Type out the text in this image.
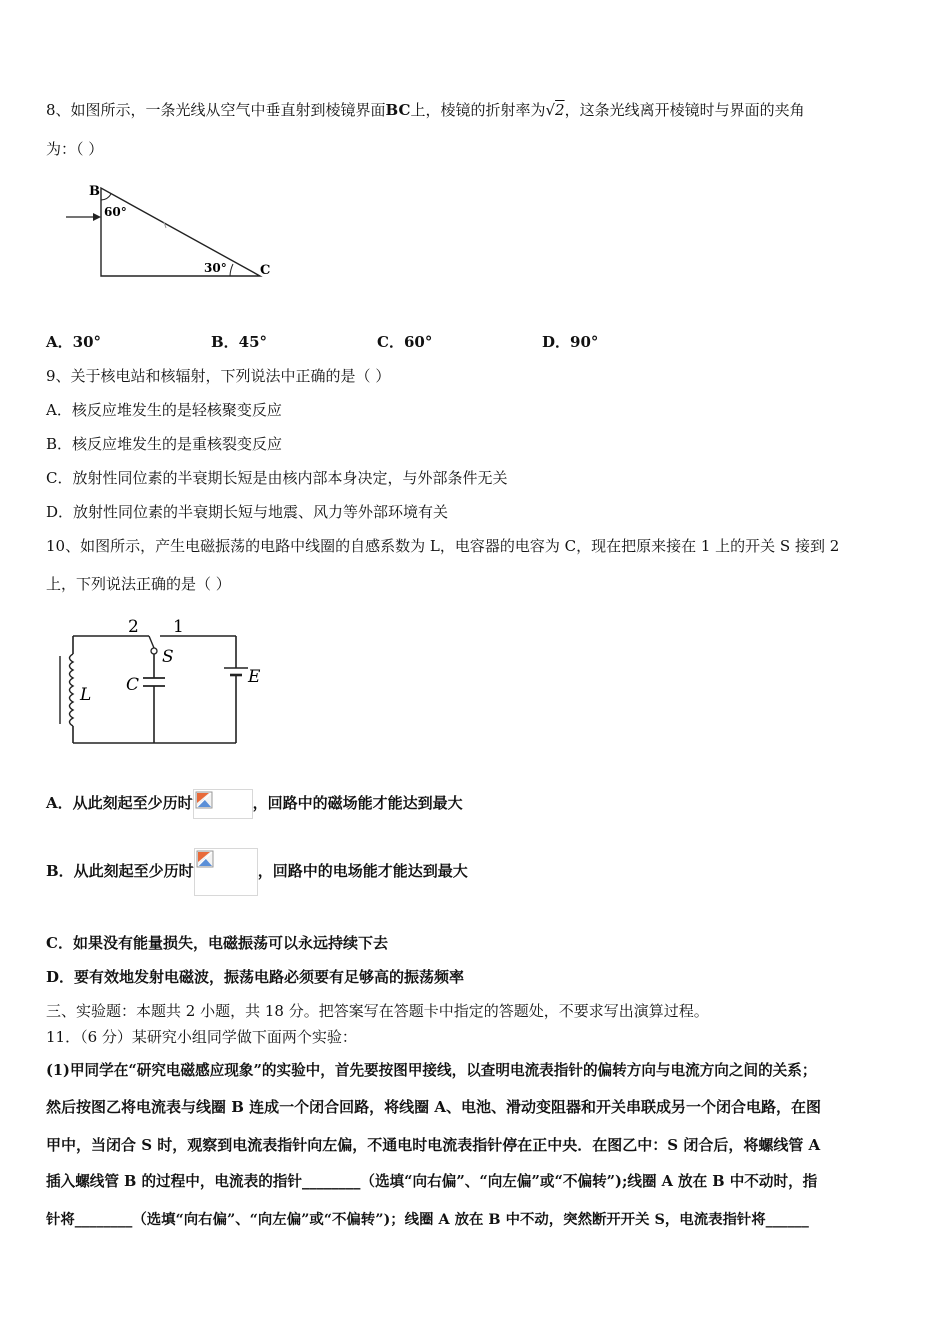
8、如图所示，一条光线从空气中垂直射到棱镜界面BC上，棱镜的折射率为√2，这条光线离开棱镜时与界面的夹角
为：（ ）
B
C
60°
30°
A．30°	B．45°	C．60°	D．90°
9、关于核电站和核辐射，下列说法中正确的是（ ）
A．核反应堆发生的是轻核聚变反应
B．核反应堆发生的是重核裂变反应
C．放射性同位素的半衰期长短是由核内部本身决定，与外部条件无关
D．放射性同位素的半衰期长短与地震、风力等外部环境有关
10、如图所示，产生电磁振荡的电路中线圈的自感系数为 L，电容器的电容为 C，现在把原来接在 1 上的开关 S 接到 2
上，下列说法正确的是（ ）
2 1
S
C
L
E
A．从此刻起至少历时	，回路中的磁场能才能达到最大
B．从此刻起至少历时	，回路中的电场能才能达到最大
C．如果没有能量损失，电磁振荡可以永远持续下去
D．要有效地发射电磁波，振荡电路必须要有足够高的振荡频率
三、实验题：本题共 2 小题，共 18 分。把答案写在答题卡中指定的答题处，不要求写出演算过程。
11．（6 分）某研究小组同学做下面两个实验：
(1)甲同学在“研究电磁感应现象”的实验中，首先要按图甲接线，以查明电流表指针的偏转方向与电流方向之间的关系；
然后按图乙将电流表与线圈 B 连成一个闭合回路，将线圈 A、电池、滑动变阻器和开关串联成另一个闭合电路，在图
甲中，当闭合 S 时，观察到电流表指针向左偏，不通电时电流表指针停在正中央．在图乙中：S 闭合后，将螺线管 A
插入螺线管 B 的过程中，电流表的指针________（选填“向右偏”、“向左偏”或“不偏转”);线圈 A 放在 B 中不动时，指
针将________（选填“向右偏”、“向左偏”或“不偏转”)；线圈 A 放在 B 中不动，突然断开开关 S，电流表指针将______
